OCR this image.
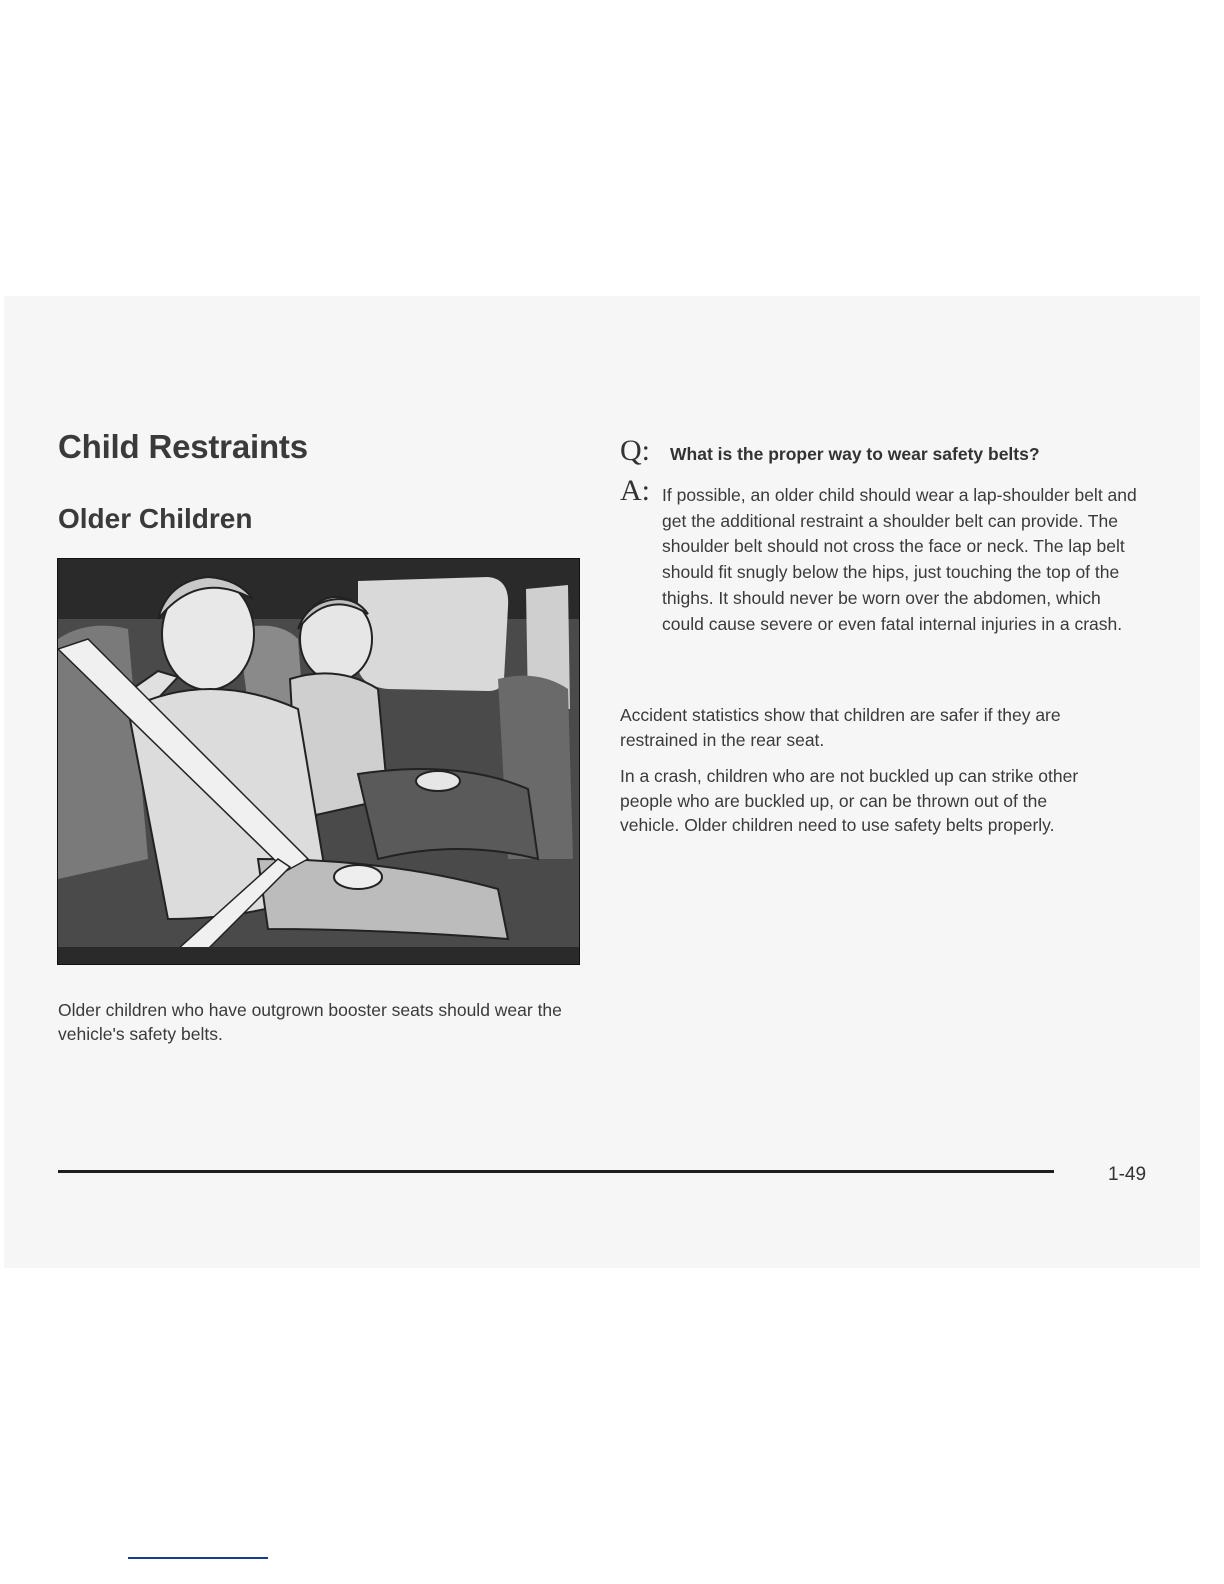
Child Restraints
Older Children

Older children who have outgrown booster seats should wear the vehicle's safety belts.

Q: What is the proper way to wear safety belts?

A: If possible, an older child should wear a lap-shoulder belt and get the additional restraint a shoulder belt can provide. The shoulder belt should not cross the face or neck. The lap belt should fit snugly below the hips, just touching the top of the thighs. It should never be worn over the abdomen, which could cause severe or even fatal internal injuries in a crash.

Accident statistics show that children are safer if they are restrained in the rear seat.

In a crash, children who are not buckled up can strike other people who are buckled up, or can be thrown out of the vehicle. Older children need to use safety belts properly.

1-49
